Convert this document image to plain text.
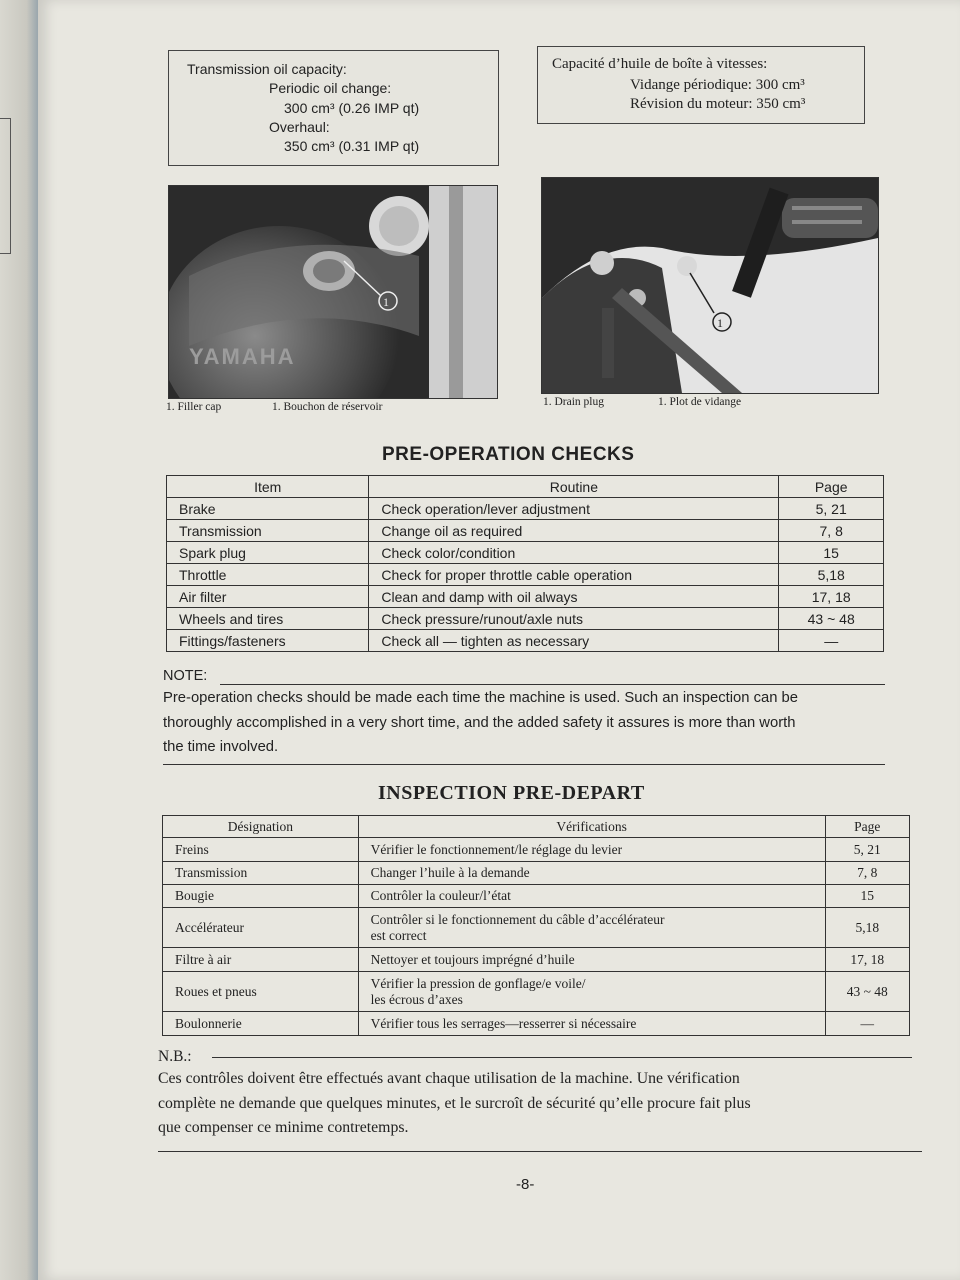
Transmission oil capacity:
Periodic oil change:
300 cm³ (0.26 IMP qt)
Overhaul:
350 cm³ (0.31 IMP qt)
Capacité d’huile de boîte à vitesses:
Vidange périodique: 300 cm³
Révision du moteur: 350 cm³
YAMAHA
1
1. Filler cap	1. Bouchon de réservoir
1
1. Drain plug	1. Plot de vidange
PRE-OPERATION CHECKS
Item	Routine	Page
Brake	Check operation/lever adjustment	5, 21
Transmission	Change oil as required	7, 8
Spark plug	Check color/condition	15
Throttle	Check for proper throttle cable operation	5,18
Air filter	Clean and damp with oil always	17, 18
Wheels and tires	Check pressure/runout/axle nuts	43 ~ 48
Fittings/fasteners	Check all — tighten as necessary	—
NOTE:
Pre-operation checks should be made each time the machine is used. Such an inspection can be
thoroughly accomplished in a very short time, and the added safety it assures is more than worth
the time involved.
INSPECTION PRE-DEPART
Désignation	Vérifications	Page
Freins	Vérifier le fonctionnement/le réglage du levier	5, 21
Transmission	Changer l’huile à la demande	7, 8
Bougie	Contrôler la couleur/l’état	15
Accélérateur	Contrôler si le fonctionnement du câble d’accélérateur
est correct	5,18
Filtre à air	Nettoyer et toujours imprégné d’huile	17, 18
Roues et pneus	Vérifier la pression de gonflage/e voile/
les écrous d’axes	43 ~ 48
Boulonnerie	Vérifier tous les serrages—resserrer si nécessaire	—
N.B.:
Ces contrôles doivent être effectués avant chaque utilisation de la machine. Une vérification
complète ne demande que quelques minutes, et le surcroît de sécurité qu’elle procure fait plus
que compenser ce minime contretemps.
-8-
